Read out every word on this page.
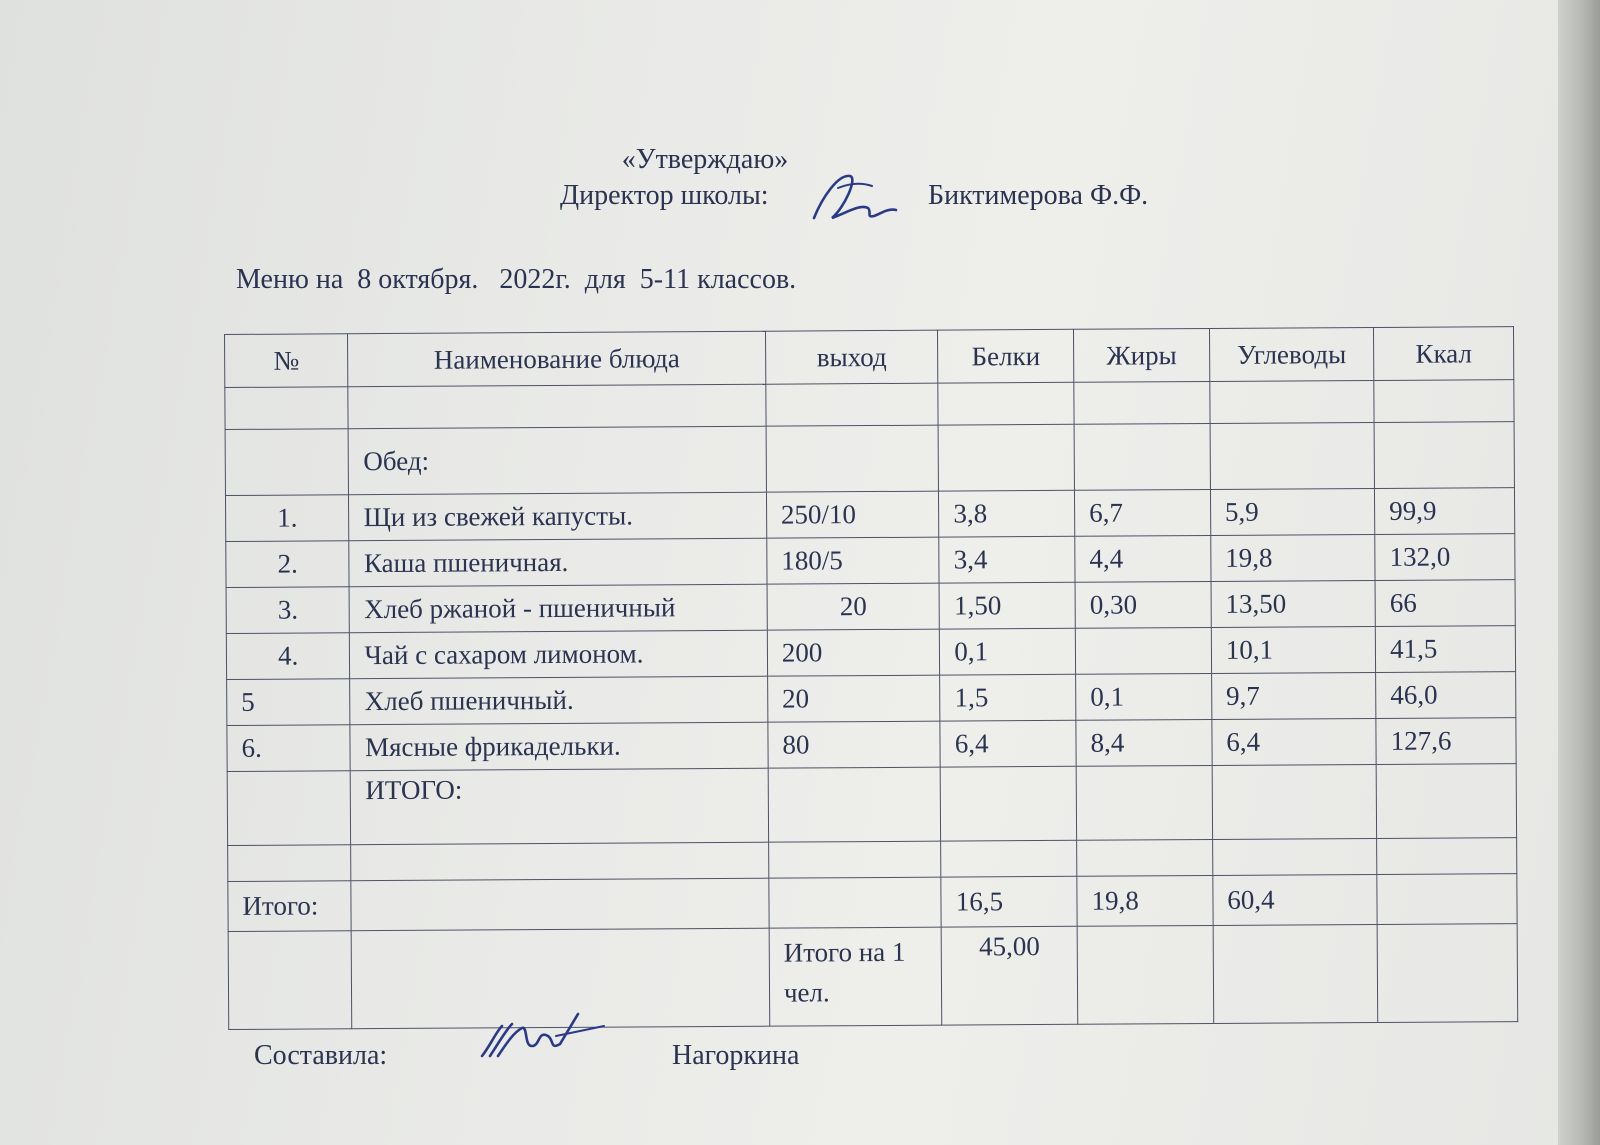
«Утверждаю»
Директор школы:	Биктимерова Ф.Ф.
Меню на  8 октября.   2022г.  для  5-11 классов.
№	Наименование блюда	выход	Белки	Жиры	Углеводы	Ккал

	Обед:					
1.	Щи из свежей капусты.	250/10	3,8	6,7	5,9	99,9
2.	Каша пшеничная.	180/5	3,4	4,4	19,8	132,0
3.	Хлеб ржаной - пшеничный	20	1,50	0,30	13,50	66
4.	Чай с сахаром лимоном.	200	0,1		10,1	41,5
5	Хлеб пшеничный.	20	1,5	0,1	9,7	46,0
6.	Мясные фрикадельки.	80	6,4	8,4	6,4	127,6
	ИТОГО:					

Итого:			16,5	19,8	60,4	
		Итого на 1 чел.	45,00			
Составила:	Нагоркина
